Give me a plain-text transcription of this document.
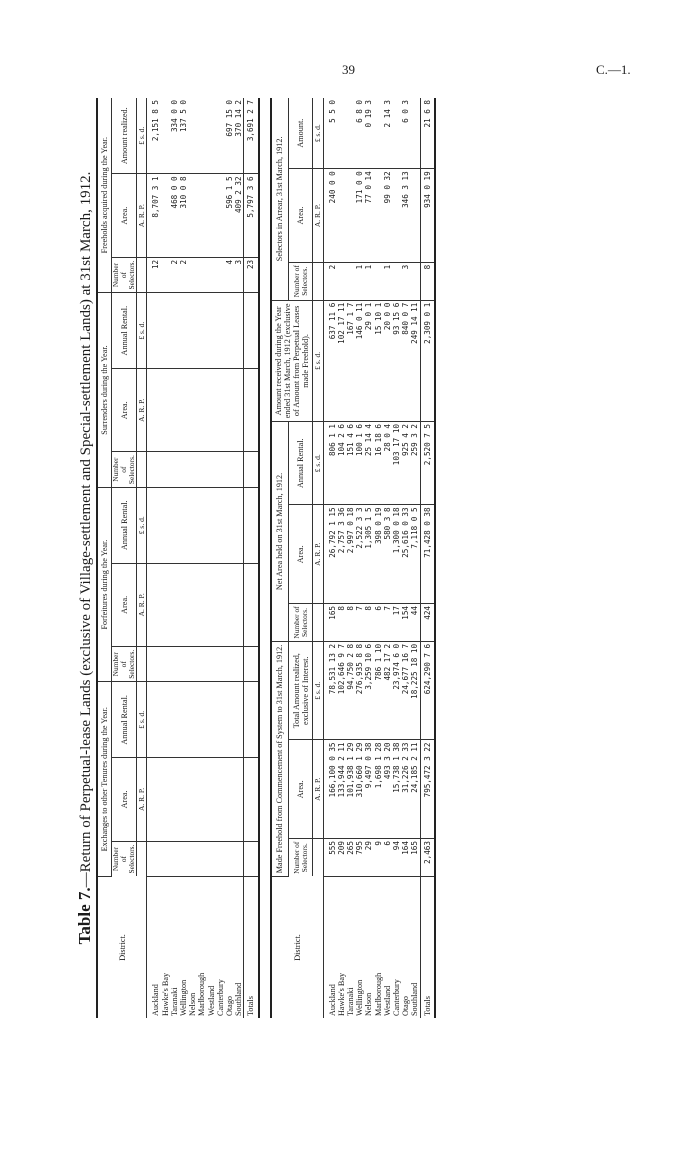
39	C.—1.
Table 7.—Return of Perpetual-lease Lands (exclusive of Village-settlement and Special-settlement Lands) at 31st March, 1912.
District.	Exchanges to other Tenures during the Year.			Forfeitures during the Year.			Surrenders during the Year.			Freeholds acquired during the Year.		
	Number of Selectors.	Area.	Annual Rental.	Number of Selectors.	Area.	Annual Rental.	Number of Selectors.	Area.	Annual Rental.	Number of Selectors.	Area.	Amount realized.
		A. R. P.	£ s. d.		A. R. P.	£ s. d.		A. R. P.	£ s. d.		A. R. P.	£ s. d.

Auckland										12	8,707 3 1	2,151 8 5
Hawke's Bay												
Taranaki										2	468 0 0	334 0 0
Wellington										2	310 0 8	137 5 0
Nelson												
Marlborough												
Westland												
Canterbury												
Otago										4	596 1 5	697 15 0
Southland										3	409 2 32	370 14 2
Totals										23	5,797 3 6	3,691 2 7
District.	Made Freehold from Commencement of System to 31st March, 1912.			Net Area held on 31st March, 1912.			Amount received during the Year ended 31st March, 1912 (exclusive of Amount from Perpetual Leases made Freehold).	Selectors in Arrear, 31st March, 1912.		
	Number of Selectors.	Area.	Total Amount realized, exclusive of Interest.	Number of Selectors.	Area.	Annual Rental.		Number of Selectors.	Area.	Amount.
		A. R. P.	£ s. d.		A. R. P.	£ s. d.	£ s. d.		A. R. P.	£ s. d.

Auckland	555	166,100 0 35	78,531 13 2	165	26,792 1 15	806 1 1	637 11 6	2	240 0 0	5 5 0
Hawke's Bay	209	133,944 2 11	102,646 9 7	8	2,757 3 36	104 2 6	102 17 11			
Taranaki	265	101,938 1 29	94,750 2 8	8	2,997 0 18	151 4 6	167 1 7			
Wellington	795	310,660 1 29	276,935 8 8	7	2,522 3 3	100 1 6	146 0 11	1	171 0 0	6 8 0
Nelson	29	9,497 0 38	3,259 10 6	8	1,305 1 5	25 14 4	29 0 1	1	77 0 14	0 19 3
Marlborough	9	1,698 1 28	786 1 10	6	398 0 19	16 18 6	15 10 1			
Westland	6	493 3 20	482 17 2	7	580 3 8	28 0 4	20 0 0	1	99 0 32	2 14 3
Canterbury	94	15,738 1 38	23,974 6 0	17	1,300 0 18	103 17 10	93 15 6			
Otago	164	31,226 2 33	24,677 16 7	154	25,616 0 33	925 4 2	840 0 7	3	346 3 13	6 0 3
Southland	165	24,185 2 11	18,225 18 10	44	7,118 0 5	259 3 2	249 14 11			
Totals	2,463	795,472 3 22	624,290 7 6	424	71,428 0 38	2,520 7 5	2,309 0 1	8	934 0 19	21 6 8
